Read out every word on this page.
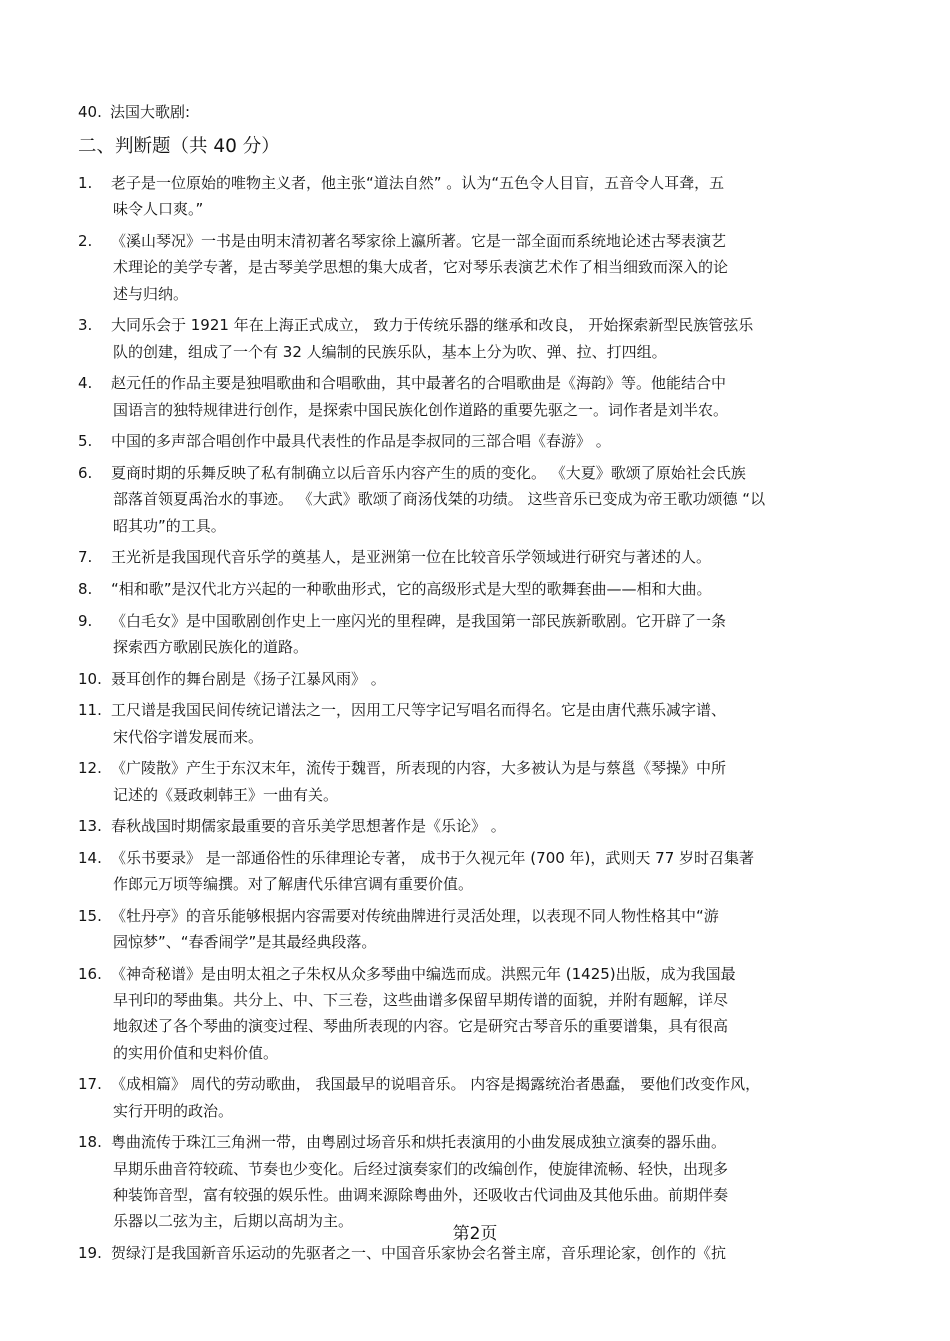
40. 法国大歌剧:
二、判断题（共 40 分）
1. 老子是一位原始的唯物主义者，他主张“道法自然” 。认为“五色令人目盲，五音令人耳聋，五
味令人口爽。”
2. 《溪山琴况》一书是由明末清初著名琴家徐上瀛所著。它是一部全面而系统地论述古琴表演艺
术理论的美学专著，是古琴美学思想的集大成者，它对琴乐表演艺术作了相当细致而深入的论
述与归纳。
3. 大同乐会于 1921 年在上海正式成立， 致力于传统乐器的继承和改良， 开始探索新型民族管弦乐
队的创建，组成了一个有 32 人编制的民族乐队，基本上分为吹、弹、拉、打四组。
4. 赵元任的作品主要是独唱歌曲和合唱歌曲，其中最著名的合唱歌曲是《海韵》等。他能结合中
国语言的独特规律进行创作，是探索中国民族化创作道路的重要先驱之一。词作者是刘半农。
5. 中国的多声部合唱创作中最具代表性的作品是李叔同的三部合唱《春游》 。
6. 夏商时期的乐舞反映了私有制确立以后音乐内容产生的质的变化。 《大夏》歌颂了原始社会氏族
部落首领夏禹治水的事迹。 《大武》歌颂了商汤伐桀的功绩。 这些音乐已变成为帝王歌功颂德 “以
昭其功”的工具。
7. 王光祈是我国现代音乐学的奠基人，是亚洲第一位在比较音乐学领域进行研究与著述的人。
8. “相和歌”是汉代北方兴起的一种歌曲形式，它的高级形式是大型的歌舞套曲——相和大曲。
9. 《白毛女》是中国歌剧创作史上一座闪光的里程碑，是我国第一部民族新歌剧。它开辟了一条
探索西方歌剧民族化的道路。
10. 聂耳创作的舞台剧是《扬子江暴风雨》 。
11. 工尺谱是我国民间传统记谱法之一，因用工尺等字记写唱名而得名。它是由唐代燕乐减字谱、
宋代俗字谱发展而来。
12. 《广陵散》产生于东汉末年，流传于魏晋，所表现的内容，大多被认为是与蔡邕《琴操》中所
记述的《聂政刺韩王》一曲有关。
13. 春秋战国时期儒家最重要的音乐美学思想著作是《乐论》 。
14. 《乐书要录》 是一部通俗性的乐律理论专著， 成书于久视元年 (700 年)，武则天 77 岁时召集著
作郎元万顷等编撰。对了解唐代乐律宫调有重要价值。
15. 《牡丹亭》的音乐能够根据内容需要对传统曲牌进行灵活处理，以表现不同人物性格其中“游
园惊梦”、“春香闹学”是其最经典段落。
16. 《神奇秘谱》是由明太祖之子朱权从众多琴曲中编选而成。洪熙元年 (1425)出版，成为我国最
早刊印的琴曲集。共分上、中、下三卷，这些曲谱多保留早期传谱的面貌，并附有题解，详尽
地叙述了各个琴曲的演变过程、琴曲所表现的内容。它是研究古琴音乐的重要谱集，具有很高
的实用价值和史料价值。
17. 《成相篇》 周代的劳动歌曲， 我国最早的说唱音乐。 内容是揭露统治者愚蠢， 要他们改变作风，
实行开明的政治。
18. 粤曲流传于珠江三角洲一带，由粤剧过场音乐和烘托表演用的小曲发展成独立演奏的器乐曲。
早期乐曲音符较疏、节奏也少变化。后经过演奏家们的改编创作，使旋律流畅、轻快，出现多
种装饰音型，富有较强的娱乐性。曲调来源除粤曲外，还吸收古代词曲及其他乐曲。前期伴奏
乐器以二弦为主，后期以高胡为主。
19. 贺绿汀是我国新音乐运动的先驱者之一、中国音乐家协会名誉主席，音乐理论家，创作的《抗
第2页
